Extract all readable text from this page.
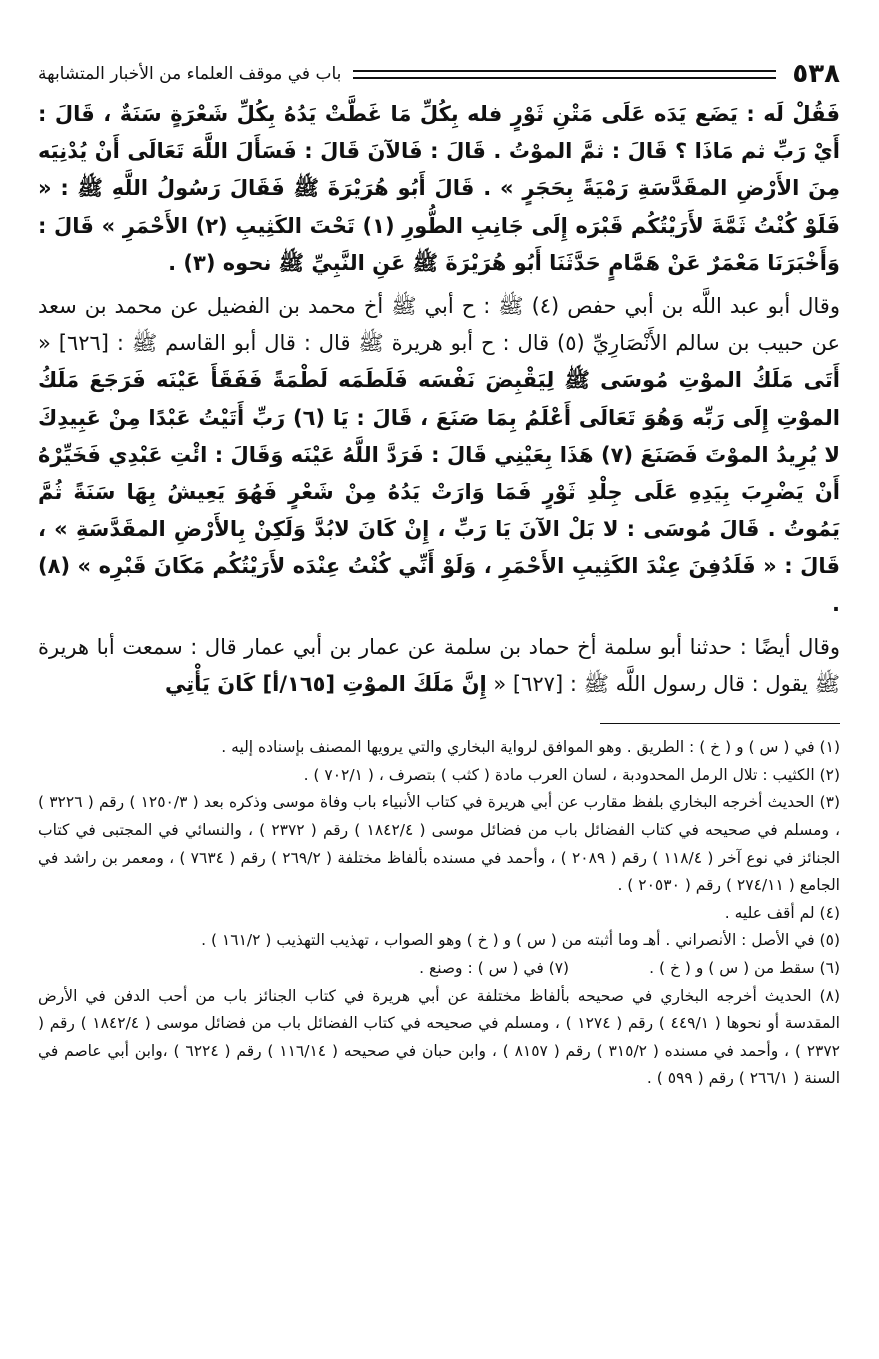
٥٣٨
باب في موقف العلماء من الأخبار المتشابهة

فَقُلْ لَه : يَضَع يَدَه عَلَى مَتْنِ ثَوْرٍ فله بِكُلِّ مَا غَطَّتْ يَدُهُ بِكُلِّ شَعْرَةٍ سَنَةٌ ، قَالَ : أَيْ رَبِّ ثم مَاذَا ؟ قَالَ : ثمَّ الموْتُ . قَالَ : فَالآنَ قَالَ : فَسَأَلَ اللَّهَ تَعَالَى أَنْ يُدْنِيَه مِنَ الأَرْضِ المقَدَّسَةِ رَمْيَةً بِحَجَرٍ » . قَالَ أَبُو هُرَيْرَةَ ﷺ فَقَالَ رَسُولُ اللَّهِ ﷺ : « فَلَوْ كُنْتُ ثَمَّةَ لأَرَيْتُكُم قَبْرَه إِلَى جَانِبِ الطُّورِ (١) تَحْتَ الكَثِيبِ (٢) الأَحْمَرِ » قَالَ : وَأَخْبَرَنَا مَعْمَرٌ عَنْ هَمَّامٍ حَدَّثَنَا أَبُو هُرَيْرَةَ ﷺ عَنِ النَّبِيِّ ﷺ نحوه (٣) .

وقال أبو عبد اللَّه بن أبي حفص (٤) ﷺ : ح أبي ﷺ أخ محمد بن الفضيل عن محمد بن سعد عن حبيب بن سالم الأَنْصَارِيِّ (٥) قال : ح أبو هريرة ﷺ قال : قال أبو القاسم ﷺ : [٦٢٦] « أَتَى مَلَكُ الموْتِ مُوسَى ﷺ لِيَقْبِضَ نَفْسَه فَلَطَمَه لَطْمَةً فَفَقَأَ عَيْنَه فَرَجَعَ مَلَكُ الموْتِ إِلَى رَبِّه وَهُوَ تَعَالَى أَعْلَمُ بِمَا صَنَعَ ، قَالَ : يَا (٦) رَبِّ أَتَيْتُ عَبْدًا مِنْ عَبِيدِكَ لا يُرِيدُ الموْتَ فَصَنَعَ (٧) هَذَا بِعَيْنِي قَالَ : فَرَدَّ اللَّهُ عَيْنَه وَقَالَ : ائْتِ عَبْدِي فَخَيِّرْهُ أَنْ يَضْرِبَ بِيَدِهِ عَلَى جِلْدِ ثَوْرٍ فَمَا وَارَتْ يَدُهُ مِنْ شَعْرٍ فَهُوَ يَعِيشُ بِهَا سَنَةً ثُمَّ يَمُوتُ . قَالَ مُوسَى : لا بَلْ الآنَ يَا رَبِّ ، إِنْ كَانَ لابُدَّ وَلَكِنْ بِالأَرْضِ المقَدَّسَةِ » ، قَالَ : « فَلَدُفِنَ عِنْدَ الكَثِيبِ الأَحْمَرِ ، وَلَوْ أَنِّي كُنْتُ عِنْدَه لأَرَيْتُكُم مَكَانَ قَبْرِه » (٨) .

وقال أيضًا : حدثنا أبو سلمة أخ حماد بن سلمة عن عمار بن أبي عمار قال : سمعت أبا هريرة ﷺ يقول : قال رسول اللَّه ﷺ : [٦٢٧] « إِنَّ مَلَكَ الموْتِ [١٦٥/أ] كَانَ يَأْتِي

(١) في ( س ) و ( خ ) : الطريق . وهو الموافق لرواية البخاري والتي يرويها المصنف بإسناده إليه .

(٢) الكثيب : تلال الرمل المحدودبة ، لسان العرب مادة ( كثب ) بتصرف ، ( ٧٠٢/١ ) .

(٣) الحديث أخرجه البخاري بلفظ مقارب عن أبي هريرة في كتاب الأنبياء باب وفاة موسى وذكره بعد ( ١٢٥٠/٣ ) رقم ( ٣٢٢٦ ) ، ومسلم في صحيحه في كتاب الفضائل باب من فضائل موسى ( ١٨٤٢/٤ ) رقم ( ٢٣٧٢ ) ، والنسائي في المجتبى في كتاب الجنائز في نوع آخر ( ١١٨/٤ ) رقم ( ٢٠٨٩ ) ، وأحمد في مسنده بألفاظ مختلفة ( ٢٦٩/٢ ) رقم ( ٧٦٣٤ ) ، ومعمر بن راشد في الجامع ( ٢٧٤/١١ ) رقم ( ٢٠٥٣٠ ) .

(٤) لم أقف عليه .

(٥) في الأصل : الأنصراني . أهـ وما أثبته من ( س ) و ( خ ) وهو الصواب ، تهذيب التهذيب ( ١٦١/٢ ) .

(٦) سقط من ( س ) و ( خ ) .
(٧) في ( س ) : وصنع .

(٨) الحديث أخرجه البخاري في صحيحه بألفاظ مختلفة عن أبي هريرة في كتاب الجنائز باب من أحب الدفن في الأرض المقدسة أو نحوها ( ٤٤٩/١ ) رقم ( ١٢٧٤ ) ، ومسلم في صحيحه في كتاب الفضائل باب من فضائل موسى ( ١٨٤٢/٤ ) رقم ( ٢٣٧٢ ) ، وأحمد في مسنده ( ٣١٥/٢ ) رقم ( ٨١٥٧ ) ، وابن حبان في صحيحه ( ١١٦/١٤ ) رقم ( ٦٢٢٤ ) ،وابن أبي عاصم في السنة ( ٢٦٦/١ ) رقم ( ٥٩٩ ) .
